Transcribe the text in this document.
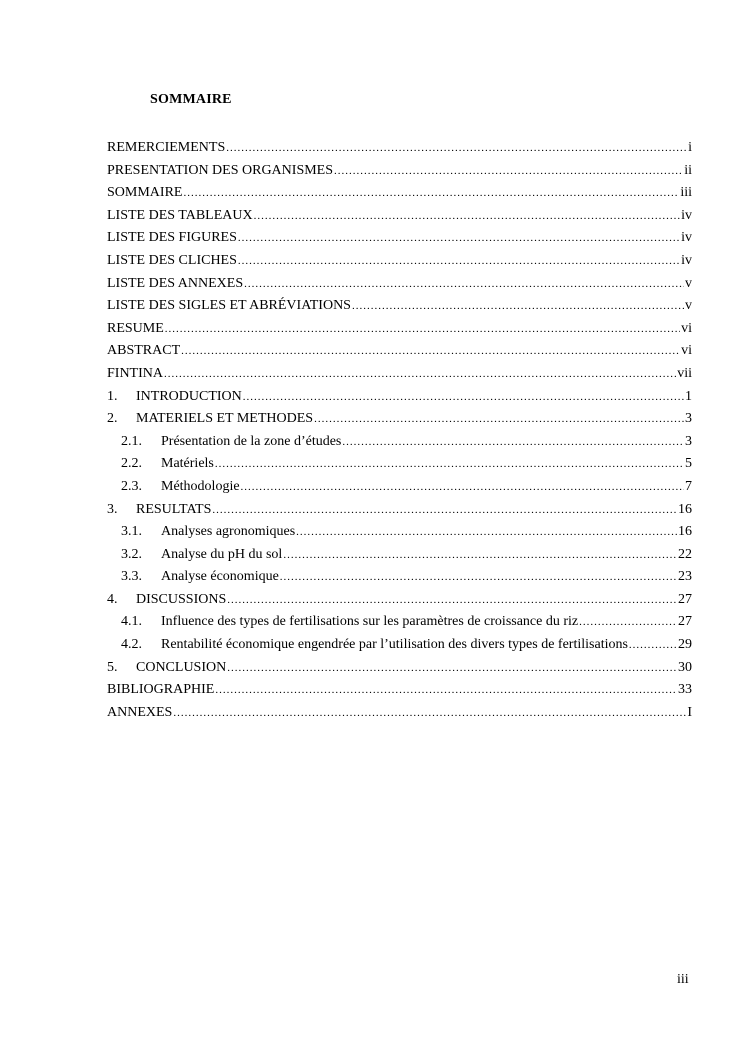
SOMMAIRE
REMERCIEMENTS .....	i
PRESENTATION DES ORGANISMES .....	ii
SOMMAIRE .....	iii
LISTE DES TABLEAUX .....	iv
LISTE DES FIGURES .....	iv
LISTE DES CLICHES .....	iv
LISTE DES ANNEXES .....	v
LISTE DES SIGLES ET ABRÉVIATIONS .....	v
RESUME .....	vi
ABSTRACT .....	vi
FINTINA .....	vii
1.	INTRODUCTION .....	1
2.	MATERIELS ET METHODES .....	3
2.1.	Présentation de la zone d’études .....	3
2.2.	Matériels .....	5
2.3.	Méthodologie .....	7
3.	RESULTATS .....	16
3.1.	Analyses agronomiques .....	16
3.2.	Analyse du pH du sol .....	22
3.3.	Analyse économique .....	23
4.	DISCUSSIONS .....	27
4.1.	Influence des types de fertilisations sur les paramètres de croissance du riz .....	27
4.2.	Rentabilité économique engendrée par l’utilisation des divers types de fertilisations .....	29
5.	CONCLUSION .....	30
BIBLIOGRAPHIE .....	33
ANNEXES .....	I
iii
